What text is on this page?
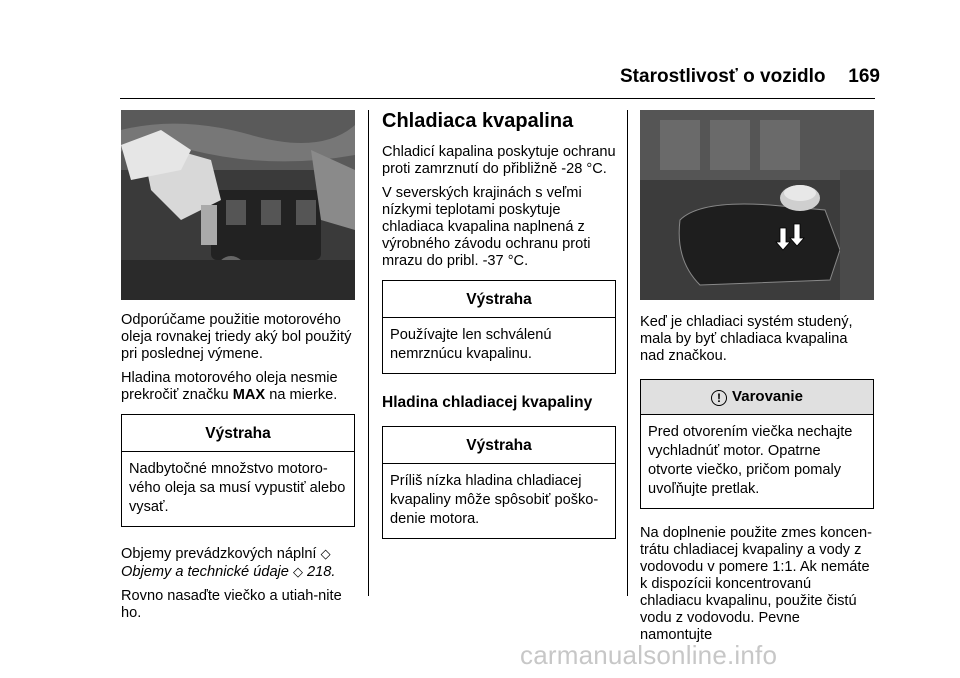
Starostlivosť o vozidlo 169

Odporúčame použitie motorového oleja rovnakej triedy aký bol použitý pri poslednej výmene.

Hladina motorového oleja nesmie prekročiť značku MAX na mierke.

Výstraha
Nadbytočné množstvo motoro-vého oleja sa musí vypustiť alebo vysať.

Objemy prevádzkových náplní ◇
Objemy a technické údaje ◇ 218.

Rovno nasaďte viečko a utiah-nite ho.

Chladiaca kvapalina

Chladicí kapalina poskytuje ochranu proti zamrznutí do přibližně -28 °C.

V severských krajinách s veľmi nízkymi teplotami poskytuje chladiaca kvapalina naplnená z výrobného závodu ochranu proti mrazu do pribl. -37 °C.

Výstraha
Používajte len schválenú nemrznúcu kvapalinu.
Hladina chladiacej kvapaliny
Výstraha
Príliš nízka hladina chladiacej kvapaliny môže spôsobiť poško-denie motora.

Keď je chladiaci systém studený, mala by byť chladiaca kvapalina nad značkou.

! Varovanie
Pred otvorením viečka nechajte vychladnúť motor. Opatrne otvorte viečko, pričom pomaly uvoľňujte pretlak.

Na doplnenie použite zmes koncen-trátu chladiacej kvapaliny a vody z vodovodu v pomere 1:1. Ak nemáte k dispozícii koncentrovanú chladiacu kvapalinu, použite čistú vodu z vodovodu. Pevne namontujte

carmanualsonline.info
